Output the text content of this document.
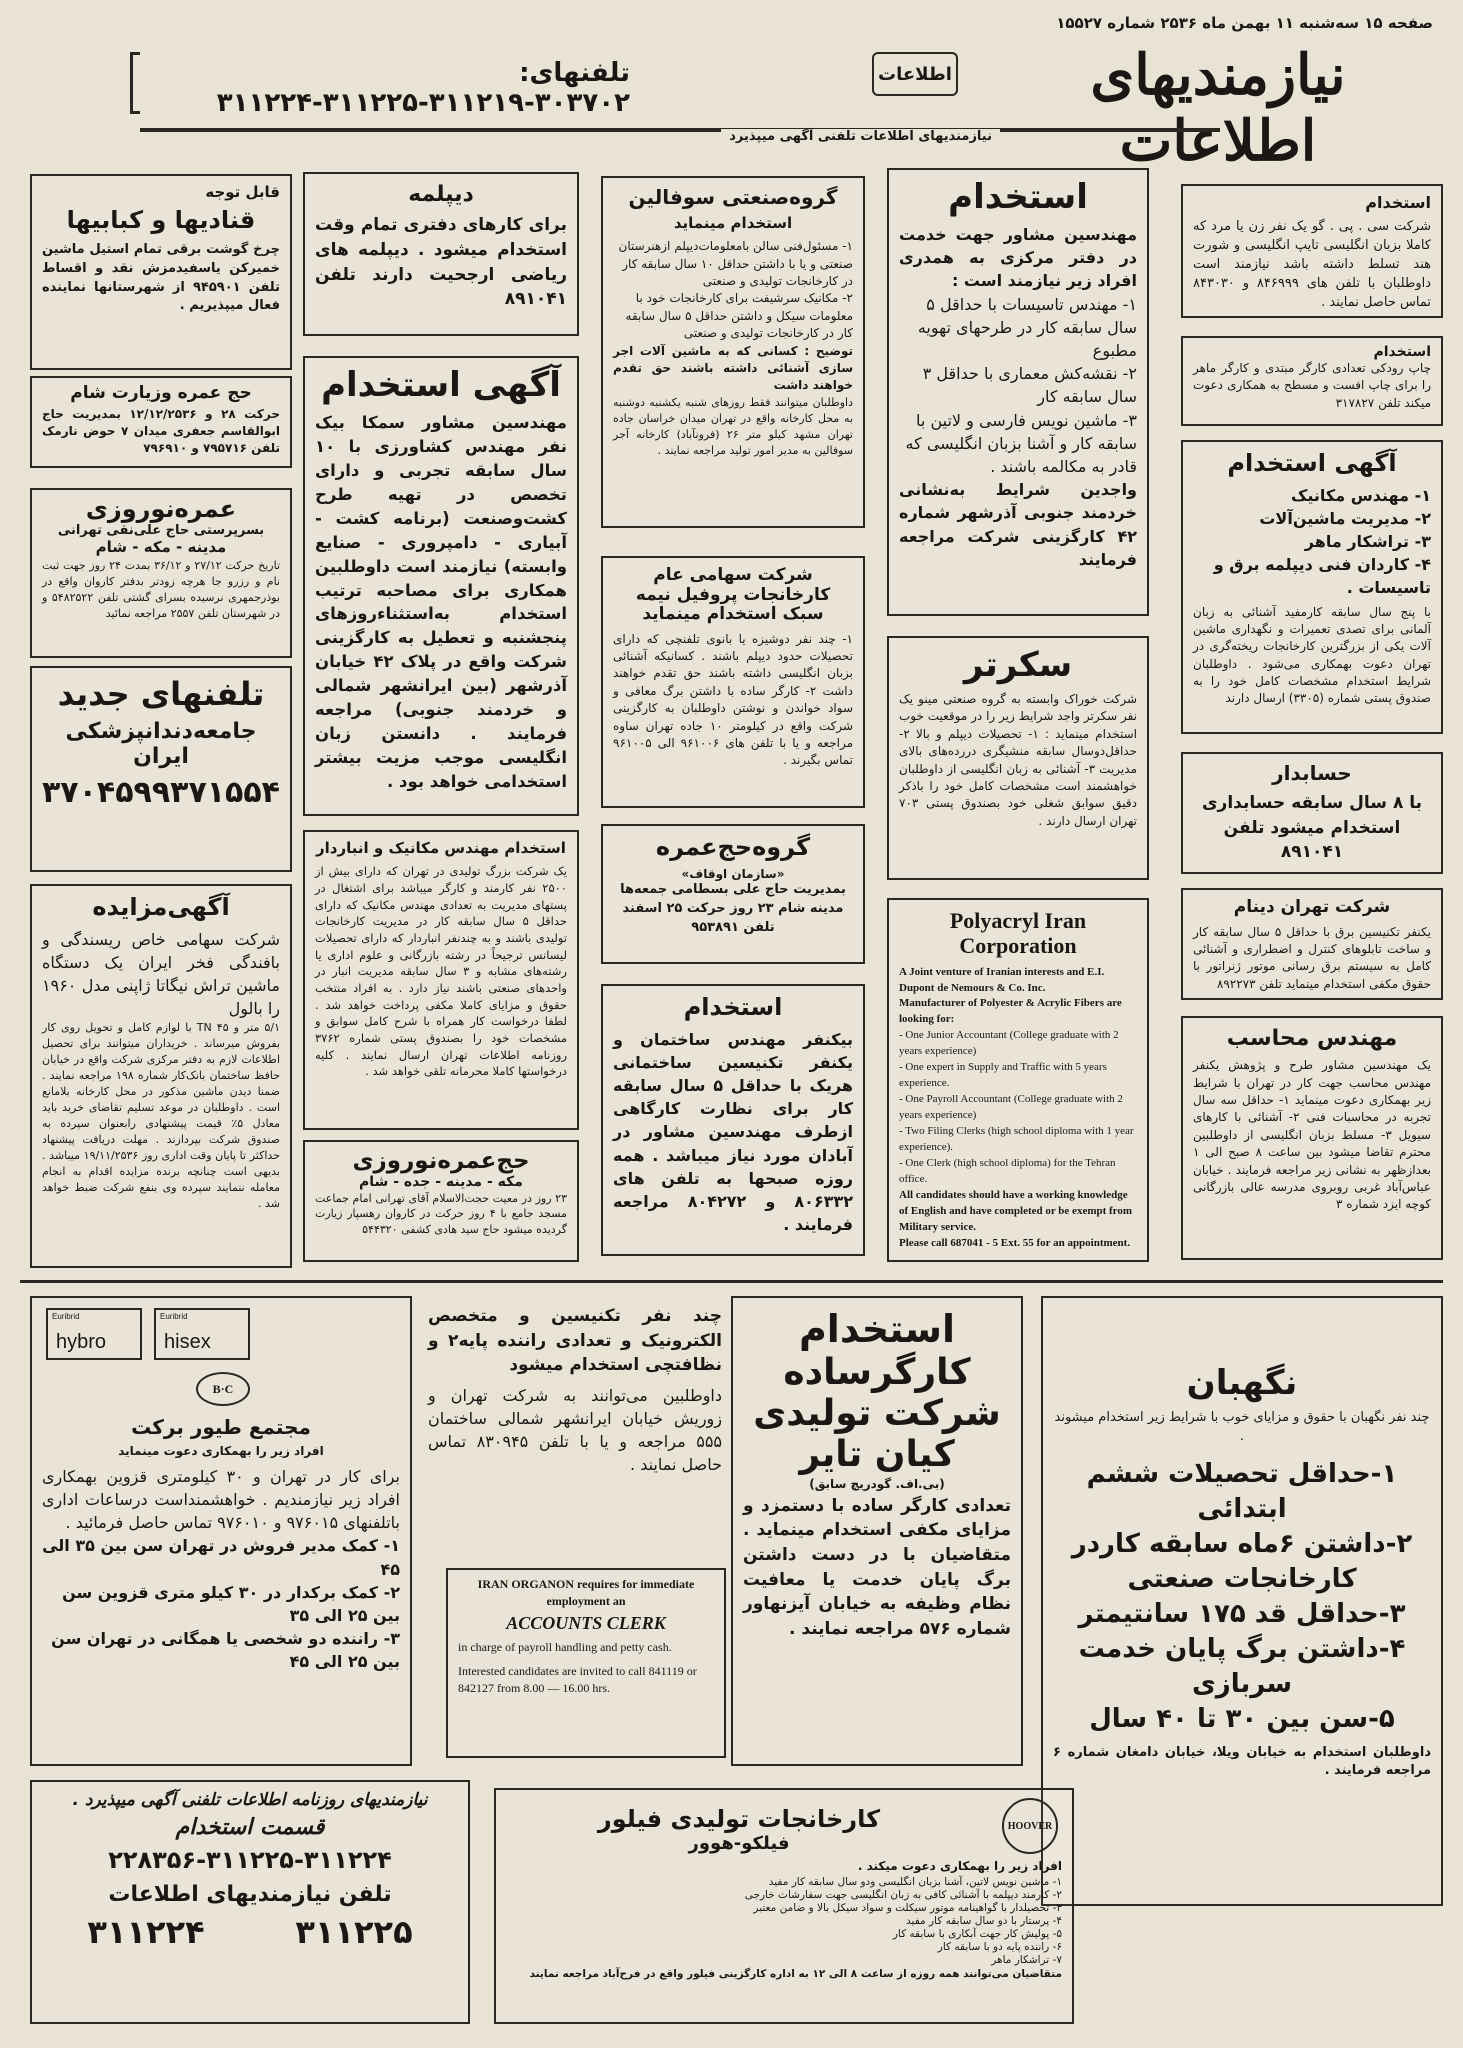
صفحه ۱۵ سه‌شنبه ۱۱ بهمن ماه ۲۵۳۶ شماره ۱۵۵۲۷
نیازمندیهای اطلاعات
اطلاعات
تلفنهای: ۳۰۳۷۰۲-۳۱۱۲۱۹-۳۱۱۲۲۵-۳۱۱۲۲۴
نیازمندیهای اطلاعات تلفنی آگهی میپذیرد
استخدام
شرکت سی . پی . گو یک نفر زن یا مرد که کاملا بزبان انگلیسی تایپ انگلیسی و شورت هند تسلط داشته باشد نیازمند است داوطلبان با تلفن های ۸۴۶۹۹۹ و ۸۴۳۰۳۰ تماس حاصل نمایند .
استخدام
چاپ رودکی تعدادی کارگر مبتدی و کارگر ماهر را برای چاپ افست و مسطح به همکاری دعوت میکند تلفن ۳۱۷۸۲۷
آگهی استخدام
۱- مهندس مکانیک
۲- مدیریت ماشین‌آلات
۳- تراشکار ماهر
۴- کاردان فنی دیپلمه برق و تاسیسات .
با پنج سال سابقه کارمفید آشنائی به زبان آلمانی برای تصدی تعمیرات و نگهداری ماشین آلات یکی از بزرگترین کارخانجات ریخته‌گری در تهران دعوت بهمکاری می‌شود . داوطلبان شرایط استخدام مشخصات کامل خود را به صندوق پستی شماره (۳۳۰۵) ارسال دارند
حسابدار
با ۸ سال سابقه حسابداری استخدام میشود تلفن ۸۹۱۰۴۱
شرکت تهران دینام
یکنفر تکنیسین برق با حداقل ۵ سال سابقه کار و ساخت تابلوهای کنترل و اضطراری و آشنائی کامل به سیستم برق رسانی موتور ژنراتور با حقوق مکفی استخدام مینماید تلفن ۸۹۲۲۷۳
مهندس محاسب
یک مهندسین مشاور طرح و پژوهش یکنفر مهندس محاسب جهت کار در تهران با شرایط زیر بهمکاری دعوت مینماید ۱- حداقل سه سال تجربه در محاسبات فنی ۲- آشنائی با کارهای سیویل ۳- مسلط بزبان انگلیسی از داوطلبین محترم تقاضا میشود بین ساعت ۸ صبح الی ۱ بعدازظهر به نشانی زیر مراجعه فرمایند . خیابان عباس‌آباد غربی روبروی مدرسه عالی بازرگانی کوچه ایزد شماره ۳
استخدام
مهندسین مشاور جهت خدمت در دفتر مرکزی به همدری افراد زیر نیازمند است :
۱- مهندس تاسیسات با حداقل ۵ سال سابقه کار در طرحهای تهویه مطبوع
۲- نقشه‌کش معماری با حداقل ۳ سال سابقه کار
۳- ماشین نویس فارسی و لاتین با سابقه کار و آشنا بزبان انگلیسی که قادر به مکالمه باشند .
واجدین شرایط به‌نشانی خردمند جنوبی آذرشهر شماره ۴۲ کارگزینی شرکت مراجعه فرمایند
سکرتر
شرکت خوراک وابسته به گروه صنعتی مینو یک نفر سکرتر واجد شرایط زیر را در موقعیت خوب استخدام مینماید : ۱- تحصیلات دیپلم و بالا ۲- حداقل‌دوسال سابقه منشیگری دررده‌های بالای مدیریت ۳- آشنائی به زبان انگلیسی از داوطلبان خواهشمند است مشخصات کامل خود را باذکر دقیق سوابق شغلی خود بصندوق پستی ۷۰۳ تهران ارسال دارند .
گروه‌صنعتی سوفالین
استخدام مینماید
۱- مسئول‌فنی سالن بامعلومات‌دیپلم ازهنرستان صنعتی و یا با داشتن حداقل ۱۰ سال سابقه کار در کارخانجات تولیدی و صنعتی
۲- مکانیک سرشیفت برای کارخانجات خود با معلومات سیکل و داشتن حداقل ۵ سال سابقه کار در کارخانجات تولیدی و صنعتی
توضیح : کسانی که به ماشین آلات اجر سازی آشنائی داشته باشند حق تقدم خواهند داشت
داوطلبان میتوانند فقط روزهای شنبه یکشنبه دوشنبه به محل کارخانه واقع در تهران میدان خراسان جاده تهران مشهد کیلو متر ۲۶ (فرونآباد) کارخانه آجر سوفالین به مدیر امور تولید مراجعه نمایند .
شرکت سهامی عام کارخانجات پروفیل نیمه سبک استخدام مینماید
۱- چند نفر دوشیزه یا بانوی تلفنچی که دارای تحصیلات حدود دیپلم باشند . کسانیکه آشنائی بزبان انگلیسی داشته باشند حق تقدم خواهند داشت ۲- کارگر ساده با داشتن برگ معافی و سواد خواندن و نوشتن داوطلبان به کارگزینی شرکت واقع در کیلومتر ۱۰ جاده تهران ساوه مراجعه و یا با تلفن های ۹۶۱۰۰۶ الی ۹۶۱۰۰۵ تماس بگیرند .
گروه‌حج‌عمره
«سازمان اوقاف»
بمدیریت حاج علی بسطامی جمعه‌ها مدینه‌ شام ۲۳ روز حرکت ۲۵ اسفند تلفن ۹۵۳۸۹۱
استخدام
بیکنفر مهندس ساختمان و یکنفر تکنیسین ساختمانی هریک با حداقل ۵ سال سابقه کار برای نظارت کارگاهی ازطرف مهندسین مشاور در آبادان مورد نیاز میباشد . همه روزه صبحها به تلفن های ۸۰۶۳۳۲ و ۸۰۴۲۷۲ مراجعه فرمایند .
Polyacryl Iran Corporation
A Joint venture of Iranian interests and E.I. Dupont de Nemours & Co. Inc.
Manufacturer of Polyester & Acrylic Fibers are looking for:
- One Junior Accountant (College graduate with 2 years experience)
- One expert in Supply and Traffic with 5 years experience.
- One Payroll Accountant (College graduate with 2 years experience)
- Two Filing Clerks (high school diploma with 1 year experience).
- One Clerk (high school diploma) for the Tehran office.
All candidates should have a working knowledge of English and have completed or be exempt from Military service.
Please call 687041 - 5 Ext. 55 for an appointment.
دیپلمه
برای کارهای دفتری تمام وقت استخدام میشود . دیپلمه های ریاضی ارجحیت دارند تلفن ۸۹۱۰۴۱
آگهی استخدام
مهندسین مشاور سمکا بیک نفر مهندس کشاورزی با ۱۰ سال سابقه تجربی و دارای تخصص در تهیه طرح کشت‌وصنعت (برنامه کشت - آبیاری - دامپروری - صنایع وابسته) نیازمند است داوطلبین همکاری برای مصاحبه ترتیب استخدام به‌استثناءروزهای پنجشنبه و تعطیل به کارگزینی شرکت واقع در پلاک ۴۲ خیابان آذرشهر (بین ایرانشهر شمالی و خردمند جنوبی) مراجعه فرمایند . دانستن زبان انگلیسی موجب مزیت بیشتر استخدامی خواهد بود .
استخدام مهندس مکانیک و انباردار
یک شرکت بزرگ تولیدی در تهران که دارای بیش از ۲۵۰۰ نفر کارمند و کارگر میباشد برای اشتغال در پستهای مدیریت به تعدادی مهندس مکانیک که دارای حداقل ۵ سال سابقه کار در مدیریت کارخانجات تولیدی باشند و به چندنفر انباردار که دارای تحصیلات لیسانس ترجیحاً در رشته بازرگانی و علوم اداری یا رشته‌های مشابه و ۳ سال سابقه مدیریت انبار در واحد‌های صنعتی باشند نیاز دارد . به افراد منتخب حقوق و مزایای کاملا مکفی پرداخت خواهد شد . لطفا درخواست کار همراه با شرح کامل سوابق و مشخصات خود را بصندوق پستی شماره ۳۷۶۲ روزنامه اطلاعات تهران ارسال نمایند . کلیه درخواستها کاملا محرمانه تلقی خواهد شد .
حج‌عمره‌نوروزی
مکه - مدینه - جده - شام
۲۳ روز در معیت حجت‌الاسلام آقای تهرانی امام جماعت مسجد جامع با ۴ روز حرکت در کاروان رهسپار زیارت گردیده میشود حاج سید هادی کشفی ۵۴۴۳۲۰
قابل توجه
قنادیها و کبابیها
چرخ گوشت برقی تمام استیل ماشین خمیرکن یاسفیدمزش نقد و اقساط تلفن ۹۴۵۹۰۱ از شهرستانها نماینده فعال میپذیریم .
حج عمره وزیارت شام
حرکت ۲۸ و ۱۲/۱۲/۲۵۳۶ بمدیریت حاج ابوالقاسم جعفری میدان ۷ حوض نارمک تلفن ۷۹۵۷۱۶ و ۷۹۶۹۱۰
عمره‌نوروزی
بسرپرستی حاج علی‌نقی تهرانی
مدینه - مکه - شام
تاریخ حرکت ۲۷/۱۲ و ۳۶/۱۲ بمدت ۲۴ روز جهت ثبت نام و رزرو جا هرچه زودتر بدفتر کاروان واقع در بوذرجمهری نرسیده بسرای گشتی تلفن ۵۴۸۲۵۲۲ و در شهرستان تلفن ۲۵۵۷ مراجعه نمائید
تلفنهای جدید
جامعه‌دندانپزشکی ایران
۳۷۰۴۵۹۹۳۷۱۵۵۴
آگهی‌مزایده
شرکت سهامی خاص ریسندگی و بافندگی فخر ایران یک دستگاه ماشین تراش نیگاتا ژاپنی مدل ۱۹۶۰ را بالول
۵/۱ متر و ۴۵ TN با لوازم کامل و تحویل روی کار بفروش میرساند . خریداران میتوانند برای تحصیل اطلاعات لازم به دفتر مرکزی شرکت واقع در خیابان حافظ ساختمان بانک‌کار شماره ۱۹۸ مراجعه نمایند . ضمنا دیدن ماشین مذکور در محل کارخانه بلامانع است . داوطلبان در موعد تسلیم تقاضای خرید باید معادل ۵٪ قیمت پیشنهادی رابعنوان سپرده به صندوق شرکت بپردازند . مهلت دریافت پیشنهاد حداکثر تا پایان وقت اداری روز ۱۹/۱۱/۲۵۳۶ میباشد . بدیهی است چنانچه برنده مزایده اقدام به انجام معامله ننمایند سپرده وی بنفع شرکت ضبط خواهد شد .
نگهبان
چند نفر نگهبان با حقوق و مزایای خوب با شرایط زیر استخدام میشوند .
۱-حداقل تحصیلات ششم ابتدائی
۲-داشتن ۶ماه سابقه‌ کاردر کارخانجات صنعتی
۳-حداقل قد ۱۷۵ سانتیمتر
۴-داشتن برگ پایان خدمت سربازی
۵-سن بین ۳۰ تا ۴۰ سال
داوطلبان استخدام به خیابان ویلا، خیابان دامغان شماره ۶ مراجعه فرمایند .
استخدام
کارگرساده
شرکت تولیدی
کیان تایر
(بی.اف. گودریچ سابق)
تعدادی کارگر ساده با دستمزد و مزایای مکفی استخدام مینماید . متقاضیان با در دست داشتن برگ پایان خدمت یا معافیت نظام وظیفه به خیابان آیزنهاور شماره ۵۷۶ مراجعه نمایند .
چند نفر تکنیسین و متخصص الکترونیک و تعدادی راننده پایه۲ و نظافتچی استخدام میشود
داوطلبین می‌توانند به شرکت تهران و زوریش خیابان ایرانشهر شمالی ساختمان ۵۵۵ مراجعه و یا با تلفن ۸۳۰۹۴۵ تماس حاصل نمایند .
IRAN ORGANON requires for immediate employment an
ACCOUNTS CLERK
in charge of payroll handling and petty cash.
Interested candidates are invited to call 841119 or 842127 from 8.00 — 16.00 hrs.
HOOVER
کارخانجات تولیدی فیلور
فیلکو-هوور
افراد زیر را بهمکاری دعوت میکند .
۱- ماشین نویس لاتین، آشنا بزبان انگلیسی ودو سال سابقه کار مفید
۲- کارمند دیپلمه با آشنائی کافی به زبان انگلیسی جهت سفارشات خارجی
۳- تحصیلدار با گواهینامه موتور سیکلت و سواد سیکل بالا و ضامن معتبر
۴- پرستار با دو سال سابقه کار مفید
۵- پولیش کار جهت آبکاری با سابقه کار
۶- راننده پایه دو با سابقه کار
۷- تراشکار ماهر
متقاضیان می‌توانند همه روزه از ساعت ۸ الی ۱۲ به اداره کارگزینی فیلور واقع در فرح‌آباد مراجعه نمایند
Euribrid
hybro
Euribrid
hisex
B·C
مجتمع طیور برکت
افراد زیر را بهمکاری دعوت مینماید
برای کار در تهران و ۳۰ کیلومتری قزوین بهمکاری افراد زیر نیازمندیم . خواهشمنداست درساعات اداری باتلفنهای ۹۷۶۰۱۵ و ۹۷۶۰۱۰ تماس حاصل فرمائید .
۱- کمک مدیر فروش در تهران سن بین ۳۵ الی ۴۵
۲- کمک برکدار در ۳۰ کیلو متری قزوین سن بین ۲۵ الی ۳۵
۳- راننده دو شخصی یا همگانی در تهران سن بین ۲۵ الی ۴۵
نیازمندیهای روزنامه اطلاعات تلفنی آگهی میپذیرد .
قسمت استخدام
۲۲۸۳۵۶-۳۱۱۲۲۵-۳۱۱۲۲۴
تلفن نیازمندیهای اطلاعات
۳۱۱۲۲۵
۳۱۱۲۲۴
